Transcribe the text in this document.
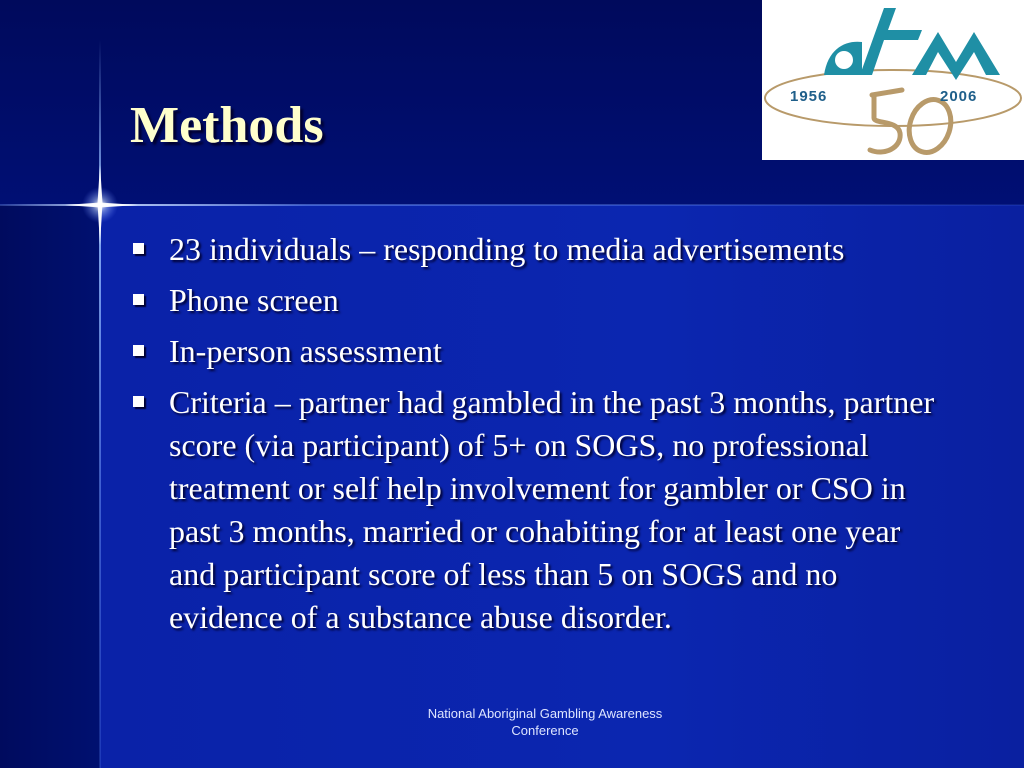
1956	2006
Methods
23 individuals – responding to media advertisements
Phone screen
In-person assessment
Criteria – partner had gambled in the past 3 months, partner score (via participant) of 5+ on SOGS, no professional treatment or self help involvement for gambler or CSO in past 3 months, married or cohabiting for at least one year and participant score of less than 5 on SOGS and no evidence of a substance abuse disorder.
National Aboriginal Gambling Awareness Conference
